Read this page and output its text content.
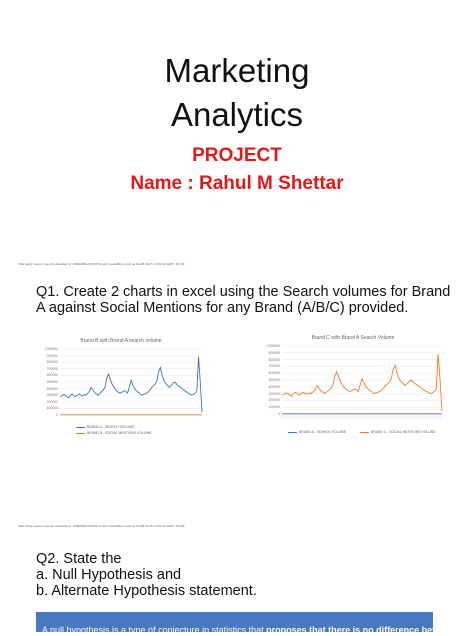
Marketing
Analytics
PROJECT
Name : Rahul M Shettar
This study source was downloaded by 100000841901595 from CourseHero.com on 04-09-2023 15:22:22 GMT -05:00
Q1. Create 2 charts in excel using the Search volumes for Brand A against Social Mentions for any Brand (A/B/C) provided.
Brand B with Brand A search volume
BRAND A - SEARCH VOLUME
BRAND B - SOCIAL MENTIONS VOLUME
1000000
900000
800000
700000
600000
500000
400000
300000
200000
100000
0
Brand C with Brand A Search Volume
BRAND A - SEARCH VOLUME	BRAND C - SOCIAL MENTIONS VOLUME
1000000
900000
800000
700000
600000
500000
400000
300000
200000
100000
0
This study source was downloaded by 100000841901595 from CourseHero.com on 04-09-2023 15:22:22 GMT -05:00
Q2. State the
a. Null Hypothesis and
b. Alternate Hypothesis statement.
A null hypothesis is a type of conjecture in statistics that proposes that there is no difference between
